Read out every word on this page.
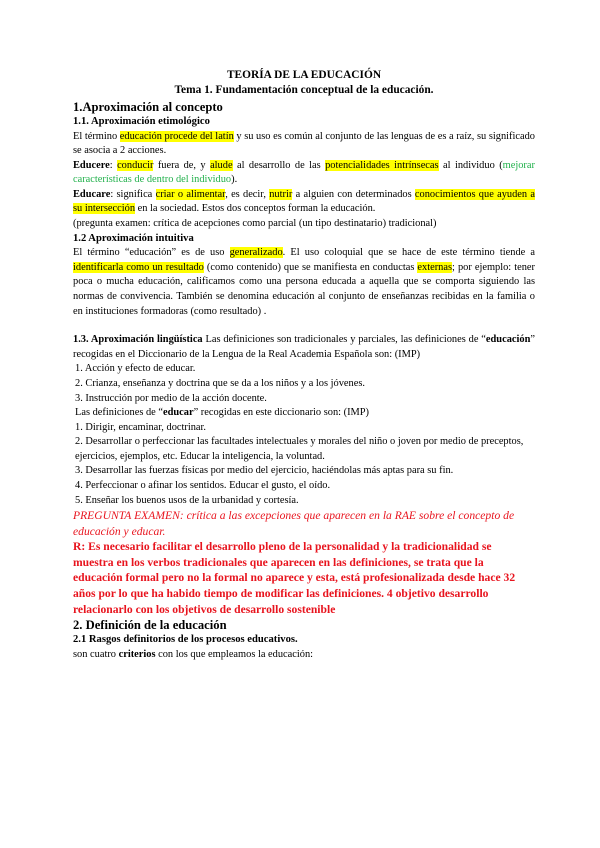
TEORÍA DE LA EDUCACIÓN

Tema 1. Fundamentación conceptual de la educación.

1.Aproximación al concepto

1.1. Aproximación etimológico

El término educación procede del latín y su uso es común al conjunto de las lenguas de es a raíz, su significado se asocia a 2 acciones.

Educere: conducir fuera de, y alude al desarrollo de las potencialidades intrínsecas al individuo (mejorar características de dentro del individuo).

Educare: significa criar o alimentar, es decir, nutrir a alguien con determinados conocimientos que ayuden a su intersección en la sociedad. Estos dos conceptos forman la educación.

(pregunta examen: crítica de acepciones como parcial (un tipo destinatario) tradicional)

1.2 Aproximación intuitiva

El término “educación” es de uso generalizado. El uso coloquial que se hace de este término tiende a identificarla como un resultado (como contenido) que se manifiesta en conductas externas; por ejemplo: tener poca o mucha educación, calificamos como una persona educada a aquella que se comporta siguiendo las normas de convivencia. También se denomina educación al conjunto de enseñanzas recibidas en la familia o en instituciones formadoras (como resultado) .

1.3. Aproximación lingüística Las definiciones son tradicionales y parciales, las definiciones de “educación” recogidas en el Diccionario de la Lengua de la Real Academia Española son: (IMP)

1. Acción y efecto de educar.

2. Crianza, enseñanza y doctrina que se da a los niños y a los jóvenes.

3. Instrucción por medio de la acción docente.

Las definiciones de “educar” recogidas en este diccionario son: (IMP)

1. Dirigir, encaminar, doctrinar.

2. Desarrollar o perfeccionar las facultades intelectuales y morales del niño o joven por medio de preceptos, ejercicios, ejemplos, etc. Educar la inteligencia, la voluntad.

3. Desarrollar las fuerzas físicas por medio del ejercicio, haciéndolas más aptas para su fin.

4. Perfeccionar o afinar los sentidos. Educar el gusto, el oído.

5. Enseñar los buenos usos de la urbanidad y cortesía.

PREGUNTA EXAMEN: crítica a las excepciones que aparecen en la RAE sobre el concepto de educación y educar.

R: Es necesario facilitar el desarrollo pleno de la personalidad y la tradicionalidad se muestra en los verbos tradicionales que aparecen en las definiciones, se trata que la educación formal pero no la formal no aparece y esta, está profesionalizada desde hace 32 años por lo que ha habido tiempo de modificar las definiciones. 4 objetivo desarrollo relacionarlo con los objetivos de desarrollo sostenible

2. Definición de la educación

2.1 Rasgos definitorios de los procesos educativos.

son cuatro criterios con los que empleamos la educación:
